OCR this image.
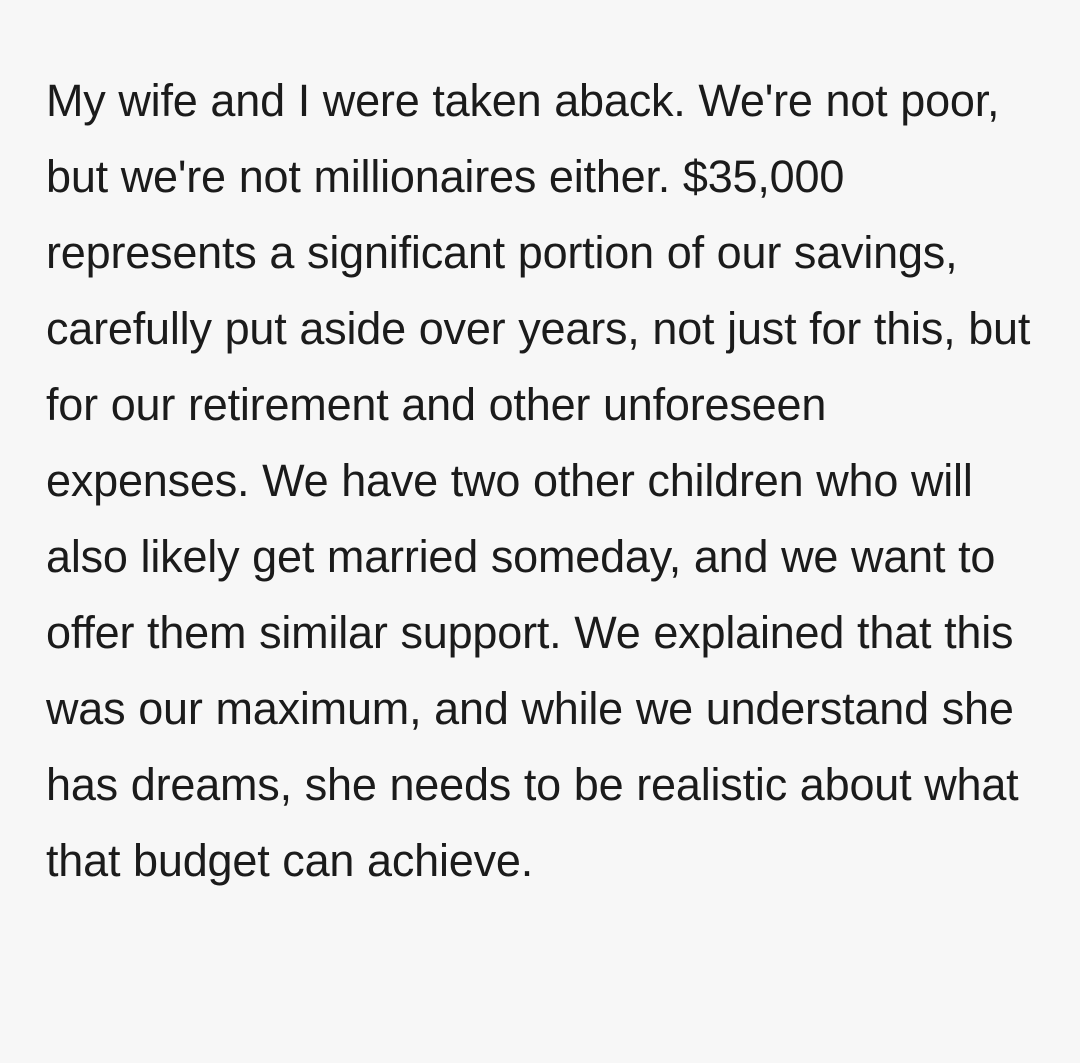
My wife and I were taken aback. We're not poor, but we're not millionaires either. $35,000 represents a significant portion of our savings, carefully put aside over years, not just for this, but for our retirement and other unforeseen expenses. We have two other children who will also likely get married someday, and we want to offer them similar support. We explained that this was our maximum, and while we understand she has dreams, she needs to be realistic about what that budget can achieve.
